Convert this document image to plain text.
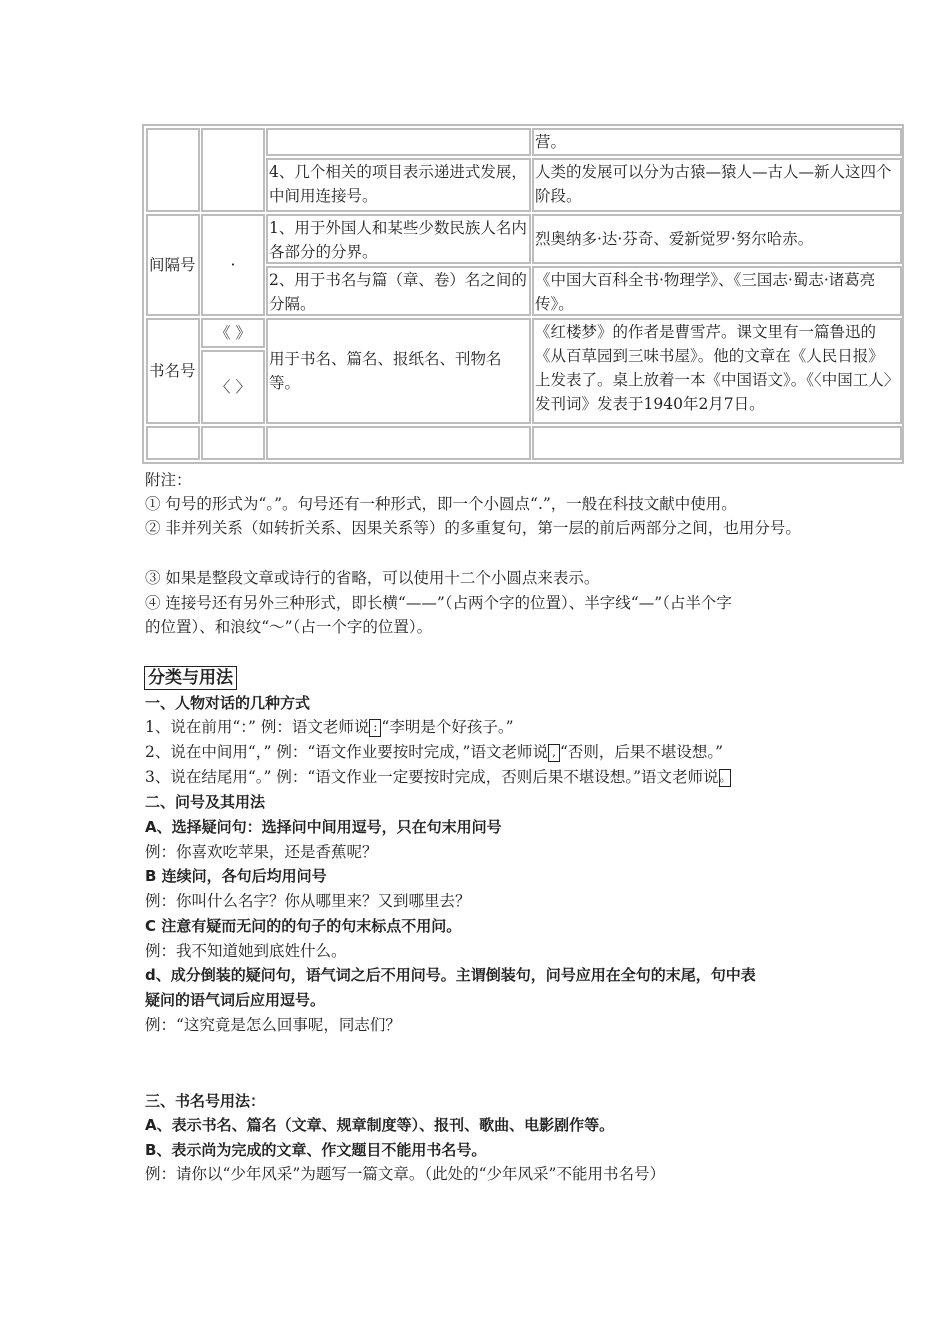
营。
4、几个相关的项目表示递进式发展，中间用连接号。
人类的发展可以分为古猿—猿人—古人—新人这四个阶段。
间隔号 ·
1、用于外国人和某些少数民族人名内各部分的分界。
烈奥纳多·达·芬奇、爱新觉罗·努尔哈赤。
2、用于书名与篇（章、卷）名之间的分隔。
《中国大百科全书·物理学》、《三国志·蜀志·诸葛亮传》。
书名号
《 》
〈 〉
用于书名、篇名、报纸名、刊物名等。
《红楼梦》的作者是曹雪芹。课文里有一篇鲁迅的《从百草园到三味书屋》。他的文章在《人民日报》上发表了。桌上放着一本《中国语文》。《〈中国工人〉发刊词》发表于1940年2月7日。
附注：
① 句号的形式为“。”。句号还有一种形式，即一个小圆点“.”，一般在科技文献中使用。
② 非并列关系（如转折关系、因果关系等）的多重复句，第一层的前后两部分之间，也用分号。
③ 如果是整段文章或诗行的省略，可以使用十二个小圆点来表示。
④ 连接号还有另外三种形式，即长横“——”（占两个字的位置）、半字线“—”（占半个字
的位置）、和浪纹“～”（占一个字的位置）。
分类与用法
一、人物对话的几种方式
1、说在前用“：” 例：语文老师说 : “李明是个好孩子。”
2、说在中间用“，” 例：“语文作业要按时完成，”语文老师说 , “否则，后果不堪设想。”
3、说在结尾用“。” 例：“语文作业一定要按时完成，否则后果不堪设想。”语文老师说。
二、问号及其用法
A、选择疑问句：选择问中间用逗号，只在句末用问号
例：你喜欢吃苹果，还是香蕉呢？
B 连续问，各句后均用问号
例：你叫什么名字？你从哪里来？又到哪里去？
C 注意有疑而无问的的句子的句末标点不用问。
例：我不知道她到底姓什么。
d、成分倒装的疑问句，语气词之后不用问号。主谓倒装句，问号应用在全句的末尾，句中表
疑问的语气词后应用逗号。
例：“这究竟是怎么回事呢，同志们？
三、书名号用法：
A、表示书名、篇名（文章、规章制度等）、报刊、歌曲、电影剧作等。
B、表示尚为完成的文章、作文题目不能用书名号。
例：请你以“少年风采”为题写一篇文章。（此处的“少年风采”不能用书名号）
